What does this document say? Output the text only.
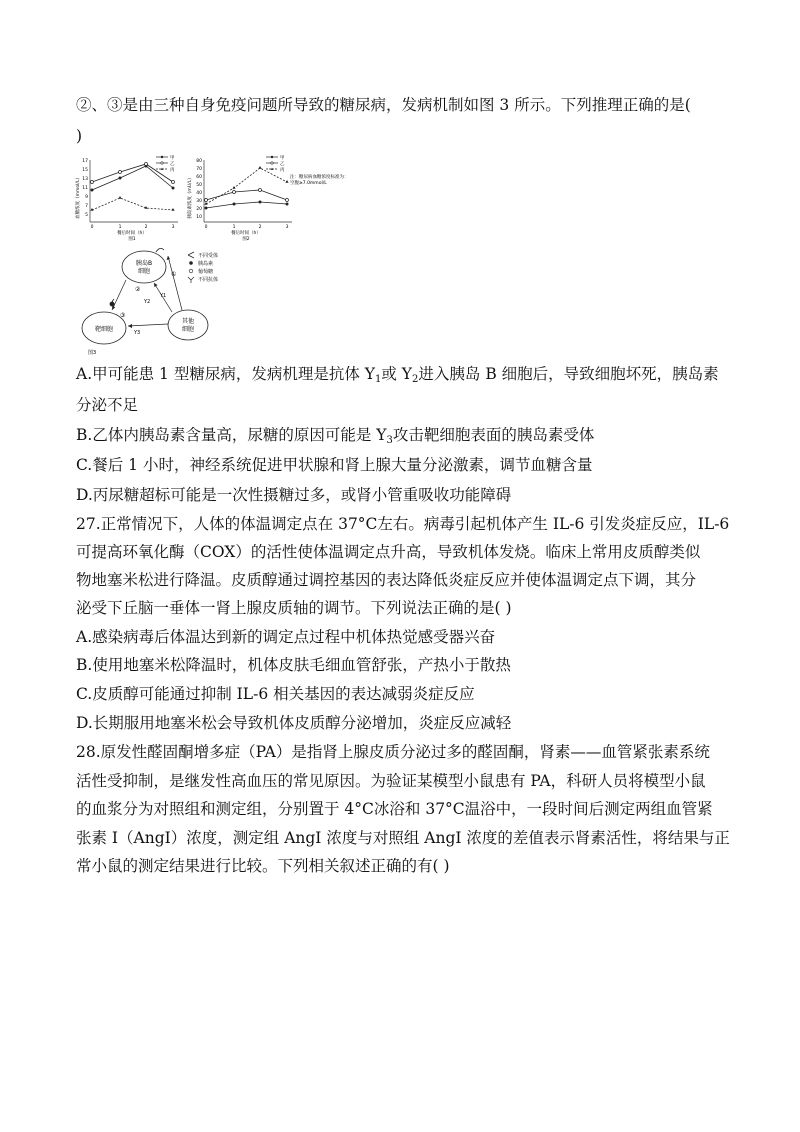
②、③是由三种自身免疫问题所导致的糖尿病，发病机制如图 3 所示。下列推理正确的是(
)
血糖浓度（mmol/L）
17
15
13
11
9
7
5
0	1	2	3
甲
乙
丙
餐后时间（h）
图1
胰岛素浓度（mU/L）
80
70
60
50
40
30
20
10
0	1	2	3
甲
乙
丙
注：糖尿病血糖浓度标准为：
空腹≥7.0mmol/L
餐后时间（h）
图2
胰岛B
细胞
靶细胞
其他
细胞
①
Y1
②
Y2
③
Y3
不同受体
胰岛素
葡萄糖
不同抗体
图3
A.甲可能患 1 型糖尿病，发病机理是抗体 $Y_1$或 $Y_2$进入胰岛 B 细胞后，导致细胞坏死，胰岛素
分泌不足
B.乙体内胰岛素含量高，尿糖的原因可能是 $Y_3$攻击靶细胞表面的胰岛素受体
C.餐后 1 小时，神经系统促进甲状腺和肾上腺大量分泌激素，调节血糖含量
D.丙尿糖超标可能是一次性摄糖过多，或肾小管重吸收功能障碍
27.正常情况下，人体的体温调定点在 37°C左右。病毒引起机体产生 IL-6 引发炎症反应，IL-6
可提高环氧化酶（COX）的活性使体温调定点升高，导致机体发烧。临床上常用皮质醇类似
物地塞米松进行降温。皮质醇通过调控基因的表达降低炎症反应并使体温调定点下调，其分
泌受下丘脑一垂体一肾上腺皮质轴的调节。下列说法正确的是( )
A.感染病毒后体温达到新的调定点过程中机体热觉感受器兴奋
B.使用地塞米松降温时，机体皮肤毛细血管舒张，产热小于散热
C.皮质醇可能通过抑制 IL-6 相关基因的表达减弱炎症反应
D.长期服用地塞米松会导致机体皮质醇分泌增加，炎症反应减轻
28.原发性醛固酮增多症（PA）是指肾上腺皮质分泌过多的醛固酮，肾素——血管紧张素系统
活性受抑制，是继发性高血压的常见原因。为验证某模型小鼠患有 PA，科研人员将模型小鼠
的血浆分为对照组和测定组，分别置于 4°C冰浴和 37°C温浴中，一段时间后测定两组血管紧
张素 I（AngI）浓度，测定组 AngI 浓度与对照组 AngI 浓度的差值表示肾素活性，将结果与正
常小鼠的测定结果进行比较。下列相关叙述正确的有( )
